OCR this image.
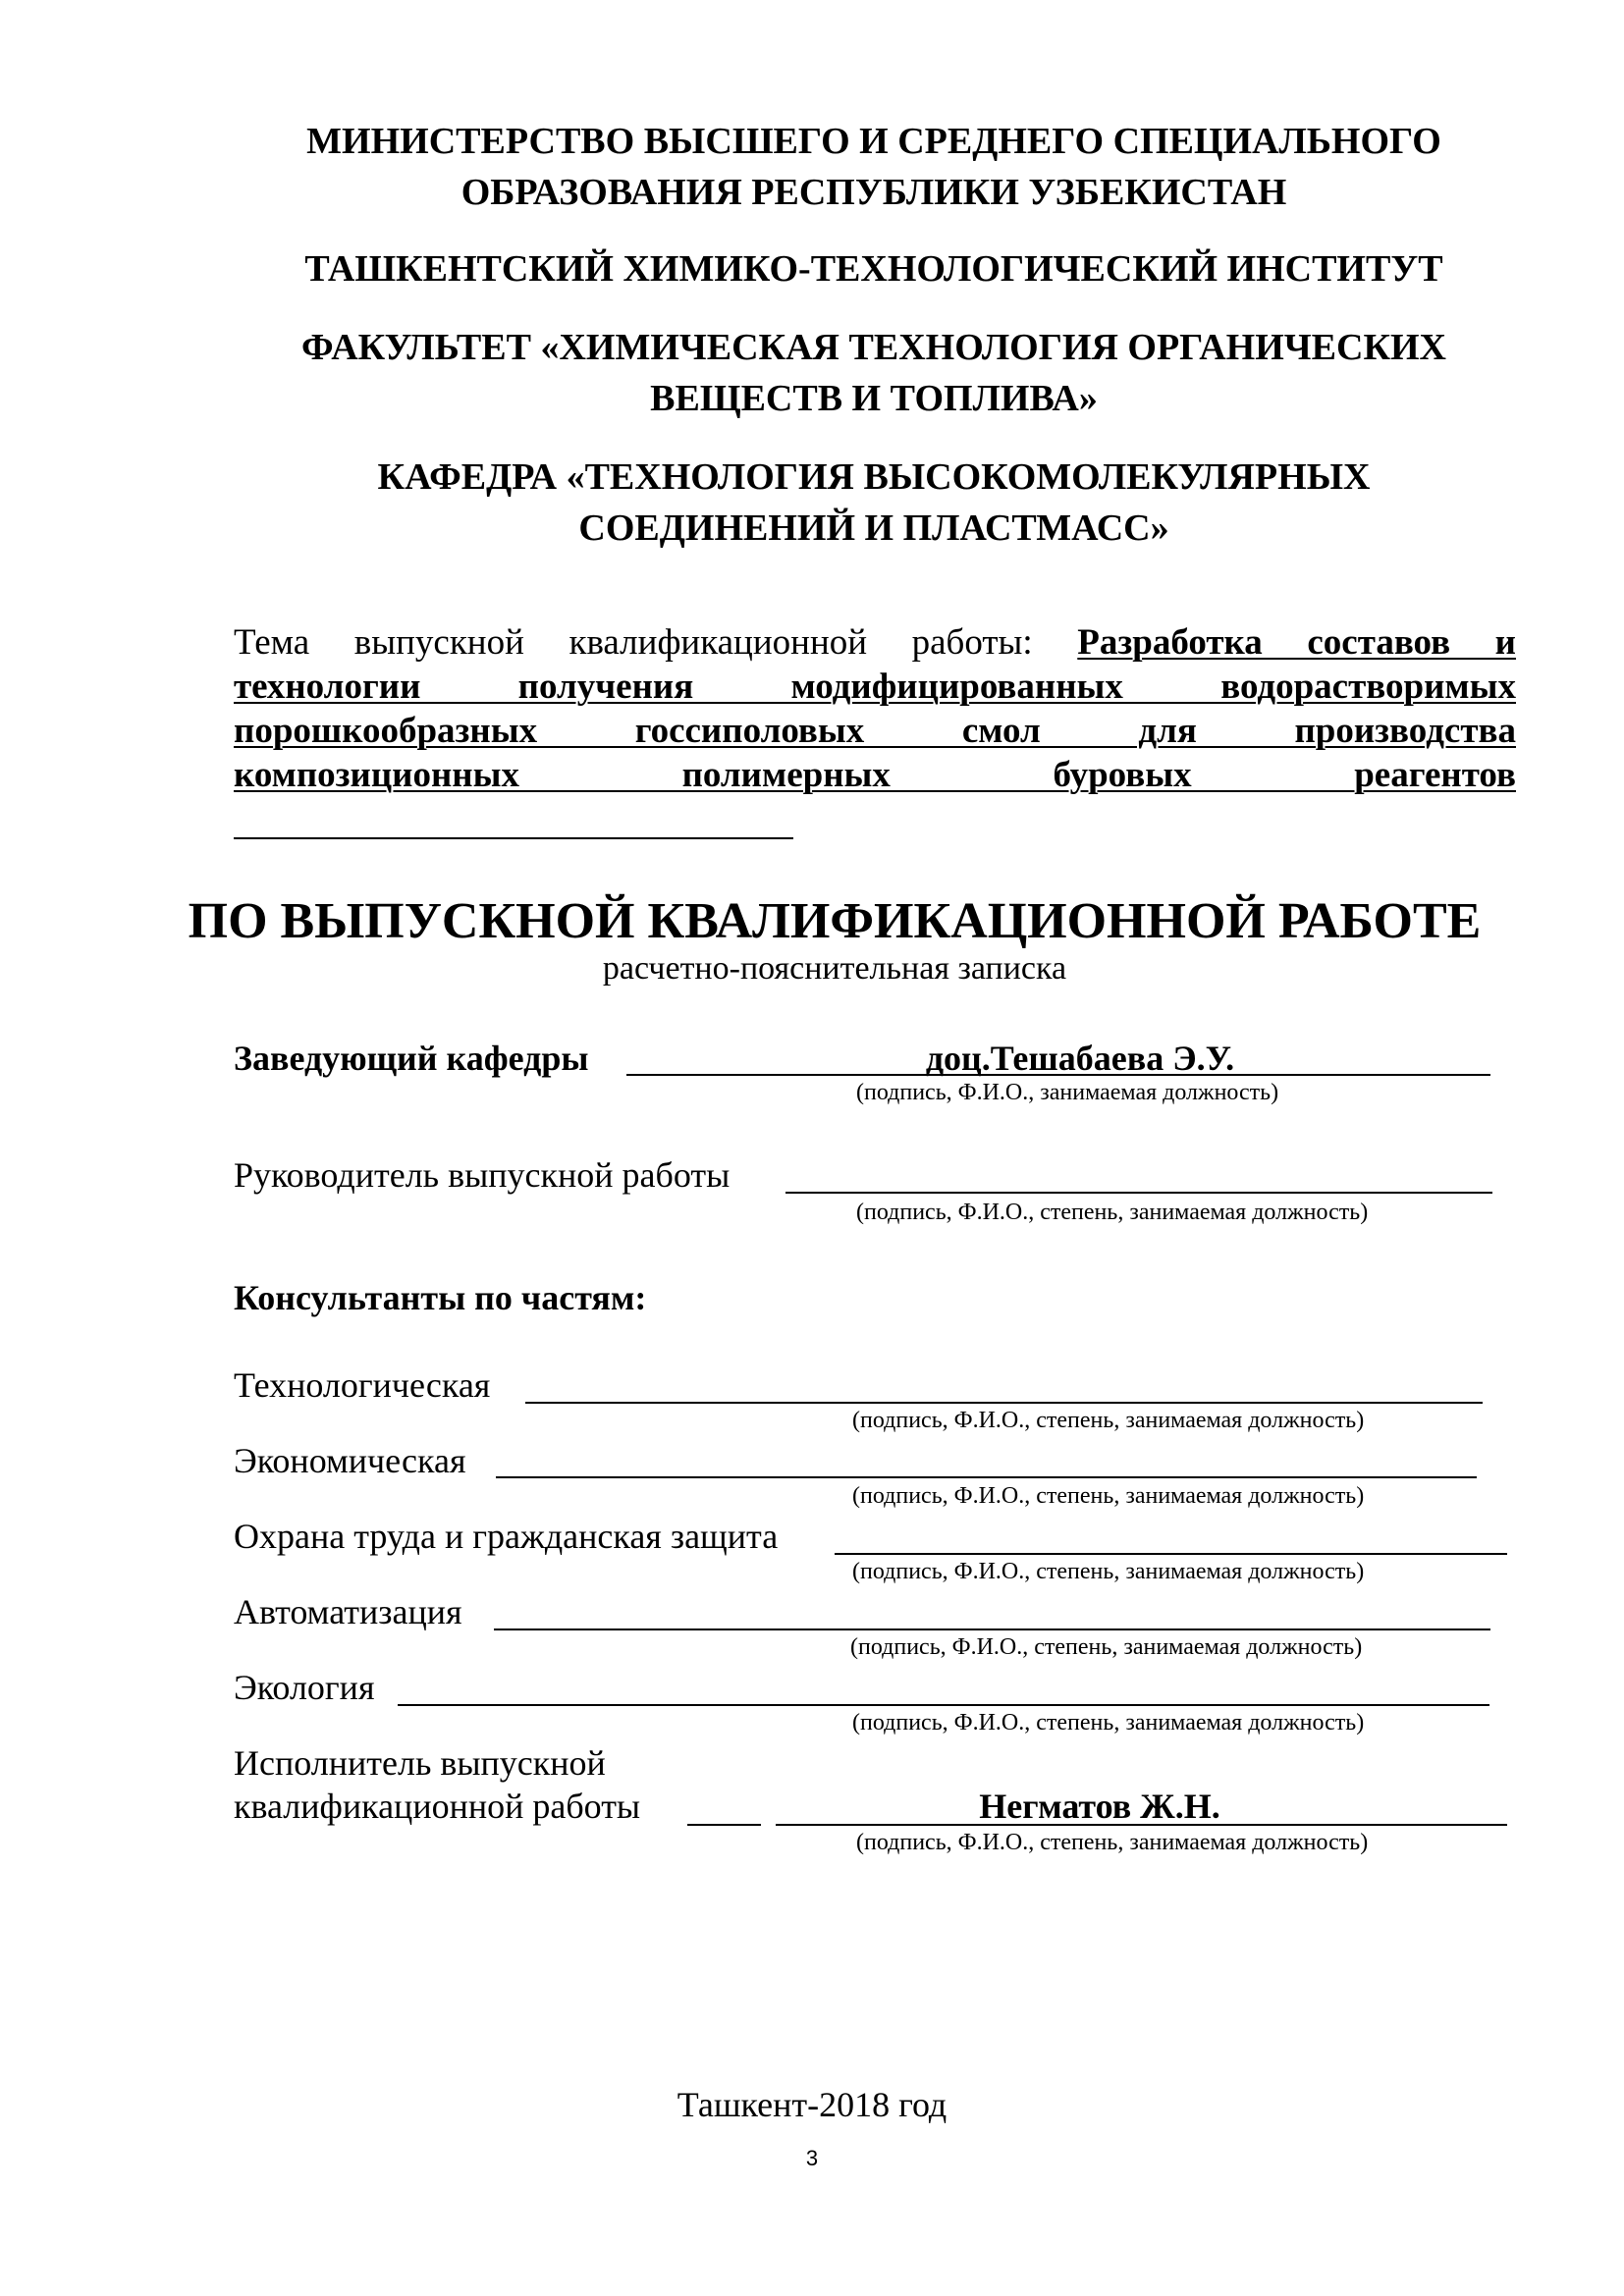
МИНИСТЕРСТВО ВЫСШЕГО И СРЕДНЕГО СПЕЦИАЛЬНОГО
ОБРАЗОВАНИЯ РЕСПУБЛИКИ УЗБЕКИСТАН
ТАШКЕНТСКИЙ ХИМИКО-ТЕХНОЛОГИЧЕСКИЙ ИНСТИТУТ
ФАКУЛЬТЕТ «ХИМИЧЕСКАЯ ТЕХНОЛОГИЯ ОРГАНИЧЕСКИХ
ВЕЩЕСТВ И ТОПЛИВА»
КАФЕДРА «ТЕХНОЛОГИЯ ВЫСОКОМОЛЕКУЛЯРНЫХ
СОЕДИНЕНИЙ И ПЛАСТМАСС»
Тема выпускной квалификационной работы: Разработка составов и
технологии получения модифицированных водорастворимых
порошкообразных госсиполовых смол для производства
композиционных полимерных буровых реагентов
ПО ВЫПУСКНОЙ КВАЛИФИКАЦИОННОЙ РАБОТЕ
расчетно-пояснительная записка
Заведующий кафедры	доц.Тешабаева Э.У.
(подпись, Ф.И.О., занимаемая должность)
Руководитель выпускной работы
(подпись, Ф.И.О., степень, занимаемая должность)
Консультанты по частям:
Технологическая
(подпись, Ф.И.О., степень, занимаемая должность)
Экономическая
(подпись, Ф.И.О., степень, занимаемая должность)
Охрана труда и гражданская защита
(подпись, Ф.И.О., степень, занимаемая должность)
Автоматизация
(подпись, Ф.И.О., степень, занимаемая должность)
Экология
(подпись, Ф.И.О., степень, занимаемая должность)
Исполнитель выпускной
квалификационной работы	Негматов Ж.Н.
(подпись, Ф.И.О., степень, занимаемая должность)
Ташкент-2018 год
3
